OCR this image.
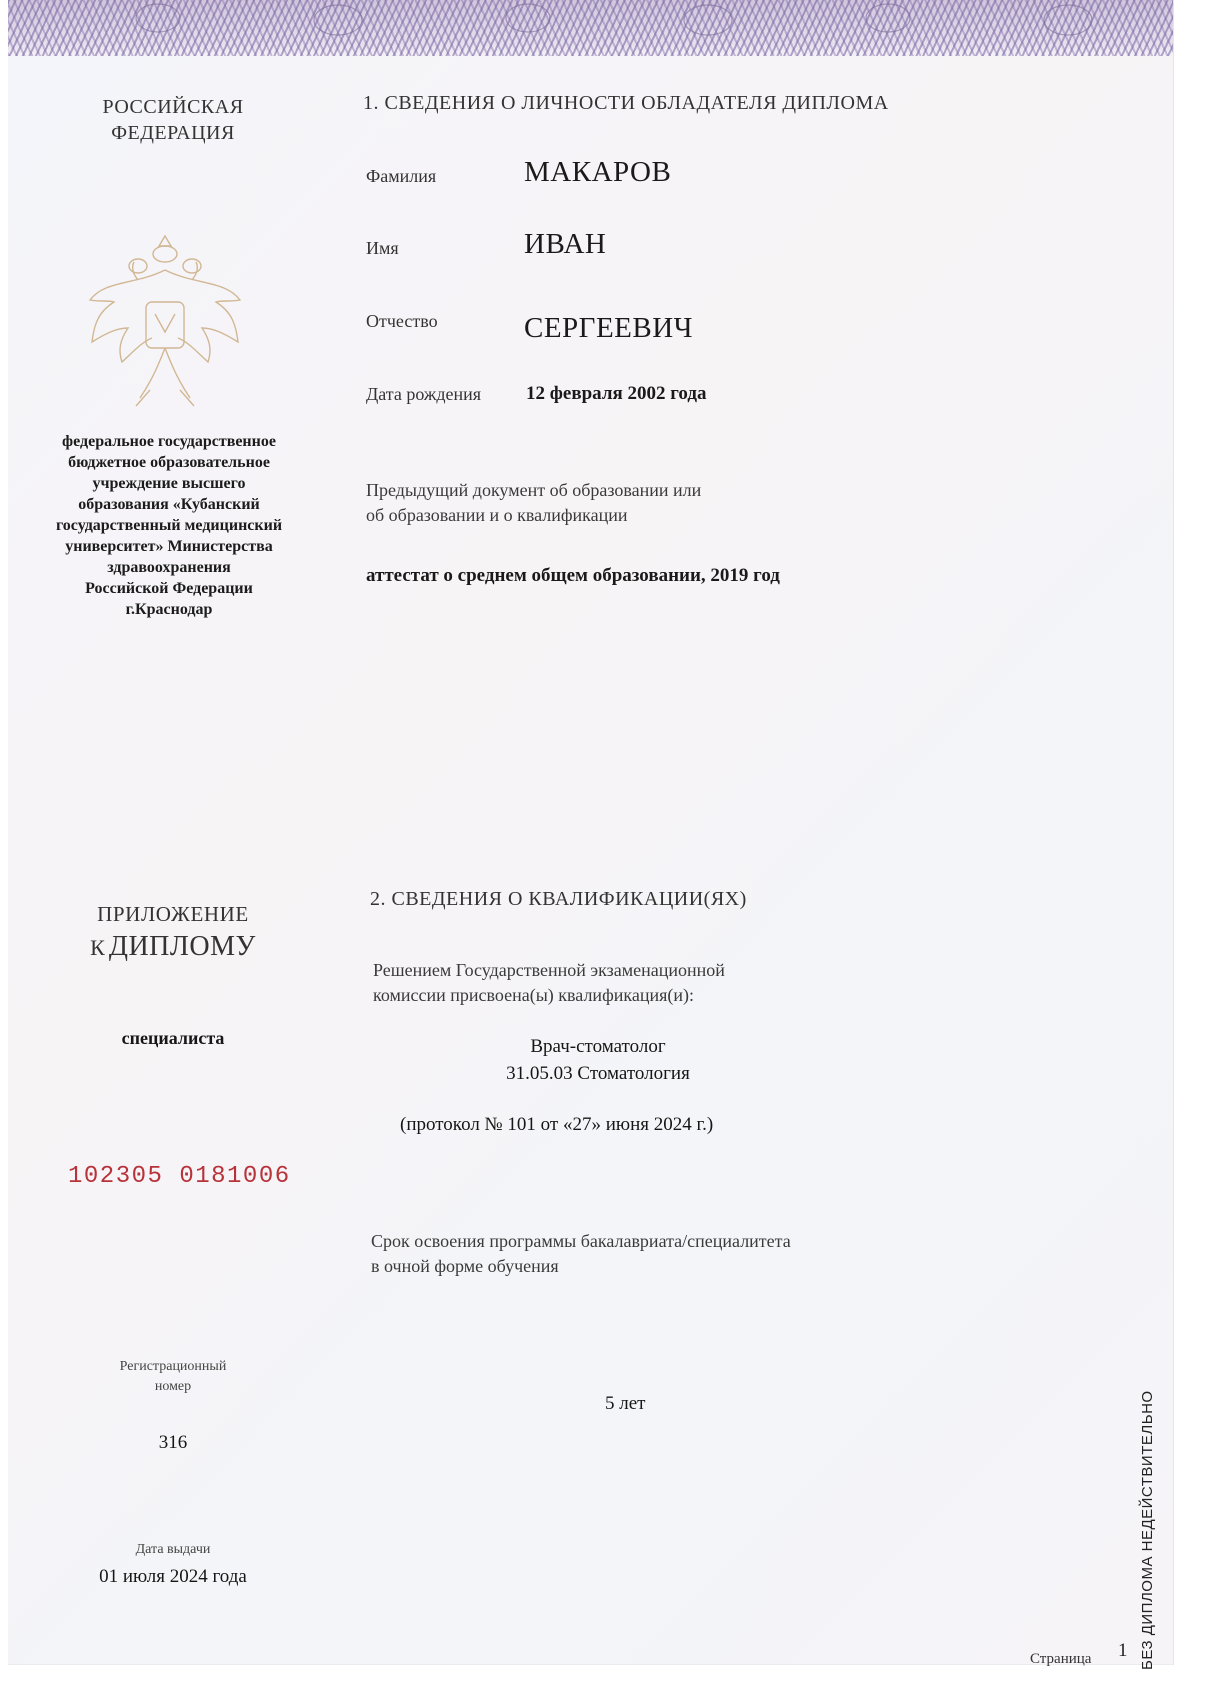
РОССИЙСКАЯ
ФЕДЕРАЦИЯ
федеральное государственное
бюджетное образовательное
учреждение высшего
образования «Кубанский
государственный медицинский
университет» Министерства
здравоохранения
Российской Федерации
г.Краснодар
ПРИЛОЖЕНИЕ
К ДИПЛОМУ
специалиста
102305 0181006
Регистрационный
номер
316
Дата выдачи
01 июля 2024 года
1. СВЕДЕНИЯ О ЛИЧНОСТИ ОБЛАДАТЕЛЯ ДИПЛОМА
Фамилия	МАКАРОВ
Имя	ИВАН
Отчество	СЕРГЕЕВИЧ
Дата рождения 12 февраля 2002 года
Предыдущий документ об образовании или
об образовании и о квалификации
аттестат о среднем общем образовании, 2019 год
2. СВЕДЕНИЯ О КВАЛИФИКАЦИИ(ЯХ)
Решением Государственной экзаменационной
комиссии присвоена(ы) квалификация(и):
Врач-стоматолог
31.05.03 Стоматология
(протокол № 101 от «27» июня 2024 г.)
Срок освоения программы бакалавриата/специалитета
в очной форме обучения
5 лет
Страница 1 БЕЗ ДИПЛОМА НЕДЕЙСТВИТЕЛЬНО
